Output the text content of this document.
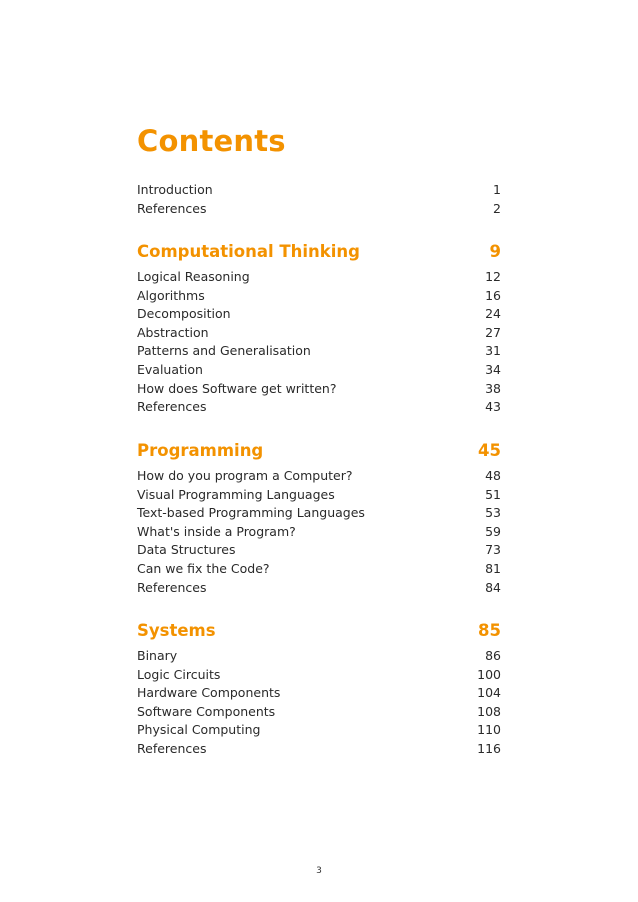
Contents
Introduction	1
References	2
Computational Thinking	9
Logical Reasoning	12
Algorithms	16
Decomposition	24
Abstraction	27
Patterns and Generalisation	31
Evaluation	34
How does Software get written?	38
References	43
Programming	45
How do you program a Computer?	48
Visual Programming Languages	51
Text-based Programming Languages	53
What's inside a Program?	59
Data Structures	73
Can we fix the Code?	81
References	84
Systems	85
Binary	86
Logic Circuits	100
Hardware Components	104
Software Components	108
Physical Computing	110
References	116
3
